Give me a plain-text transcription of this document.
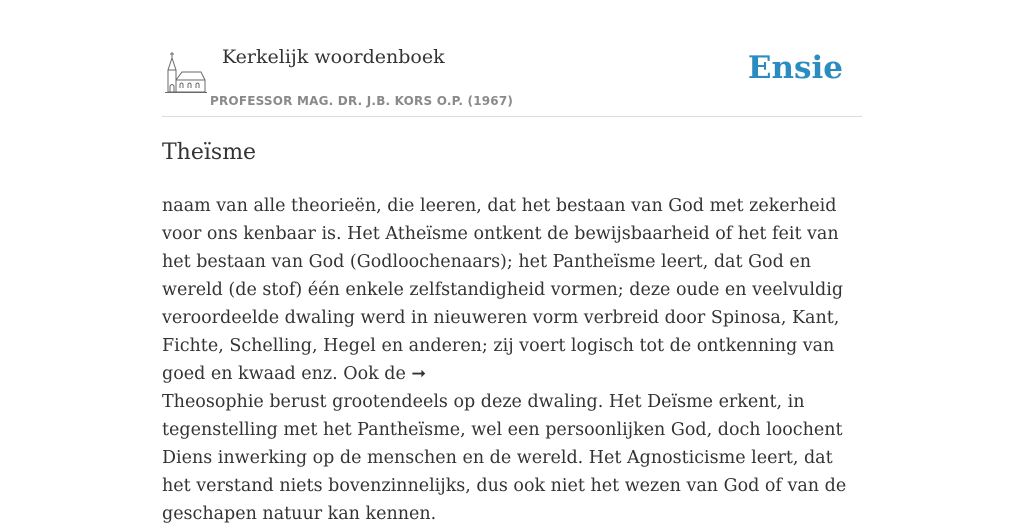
Kerkelijk woordenboek
PROFESSOR MAG. DR. J.B. KORS O.P. (1967)
Ensie
Theïsme

naam van alle theorieën, die leeren, dat het bestaan van God met zekerheid voor ons kenbaar is. Het Atheïsme ontkent de bewijsbaarheid of het feit van het bestaan van God (Godloochenaars); het Pantheïsme leert, dat God en wereld (de stof) één enkele zelfstandigheid vormen; deze oude en veelvuldig veroordeelde dwaling werd in nieuweren vorm verbreid door Spinosa, Kant, Fichte, Schelling, Hegel en anderen; zij voert logisch tot de ontkenning van goed en kwaad enz. Ook de ➞
Theosophie berust grootendeels op deze dwaling. Het Deïsme erkent, in tegenstelling met het Pantheïsme, wel een persoonlijken God, doch loochent Diens inwerking op de menschen en de wereld. Het Agnosticisme leert, dat het verstand niets bovenzinnelijks, dus ook niet het wezen van God of van de geschapen natuur kan kennen.
